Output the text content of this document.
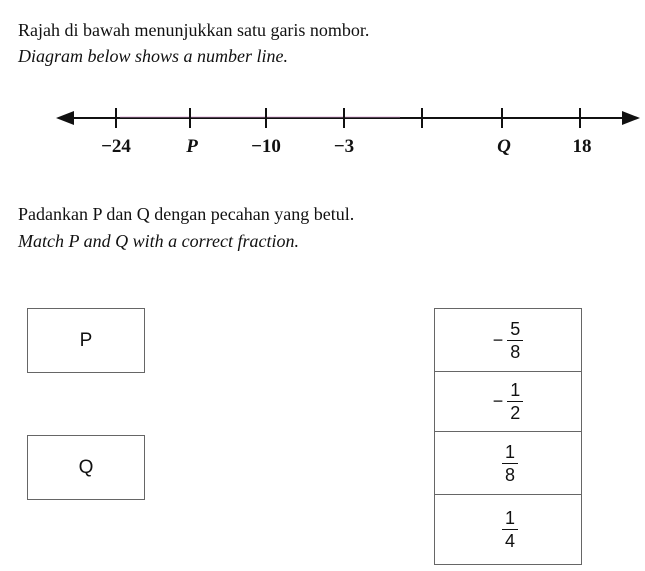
Rajah di bawah menunjukkan satu garis nombor.
Diagram below shows a number line.
−24	P	−10	−3	Q	18
Padankan P dan Q dengan pecahan yang betul.
Match P and Q with a correct fraction.
P
Q
− $\frac{5}{8}$
− $\frac{1}{2}$
$\frac{1}{8}$
$\frac{1}{4}$
